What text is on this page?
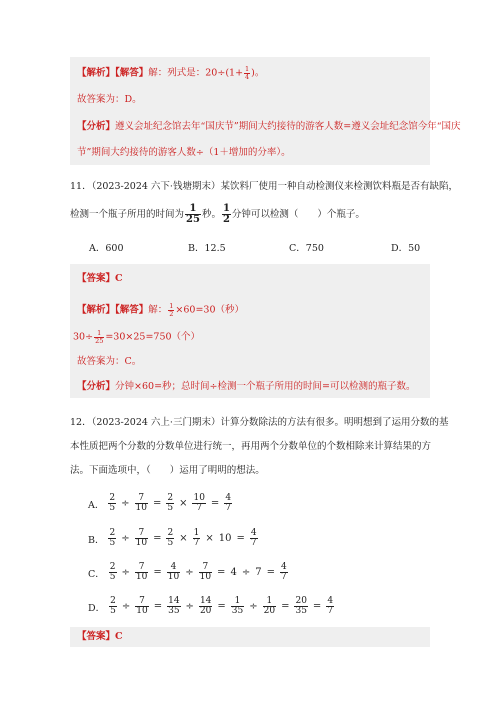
【解析】【解答】解：列式是：$20\div(1+ \frac{1}{4}$ )。
故答案为：D。
【分析】遵义会址纪念馆去年“国庆节”期间大约接待的游客人数=遵义会址纪念馆今年“国庆
节”期间大约接待的游客人数÷（1＋增加的分率）。
11．（2023-2024 六下·钱塘期末）某饮料厂使用一种自动检测仪来检测饮料瓶是否有缺陷，
检测一个瓶子所用的时间为 $\frac{1}{25}$ 秒。 $\frac{1}{2}$ 分钟可以检测（　　）个瓶子。
A．600	B．12.5	C．750	D．50
【答案】C
【解析】【解答】解： $\frac{1}{2} \times 60=30$（秒）
$30\div \frac{1}{25} =30\times 25=750$（个）
故答案为：C。
【分析】分钟×60=秒；总时间÷检测一个瓶子所用的时间=可以检测的瓶子数。
12．（2023-2024 六上·三门期末）计算分数除法的方法有很多。明明想到了运用分数的基
本性质把两个分数的分数单位进行统一，再用两个分数单位的个数相除来计算结果的方
法。下面选项中，（　　）运用了明明的想法。
A． $\frac{2}{5} \div \frac{7}{10} = \frac{2}{5} \times \frac{10}{7} = \frac{4}{7}$
B． $\frac{2}{5} \div \frac{7}{10} = \frac{2}{5} \times \frac{1}{7} \times 10 = \frac{4}{7}$
C． $\frac{2}{5} \div \frac{7}{10} = \frac{4}{10} \div \frac{7}{10} = 4 \div 7 = \frac{4}{7}$
D． $\frac{2}{5} \div \frac{7}{10} = \frac{14}{35} \div \frac{14}{20} = \frac{1}{35} \div \frac{1}{20} = \frac{20}{35} = \frac{4}{7}$
【答案】C
